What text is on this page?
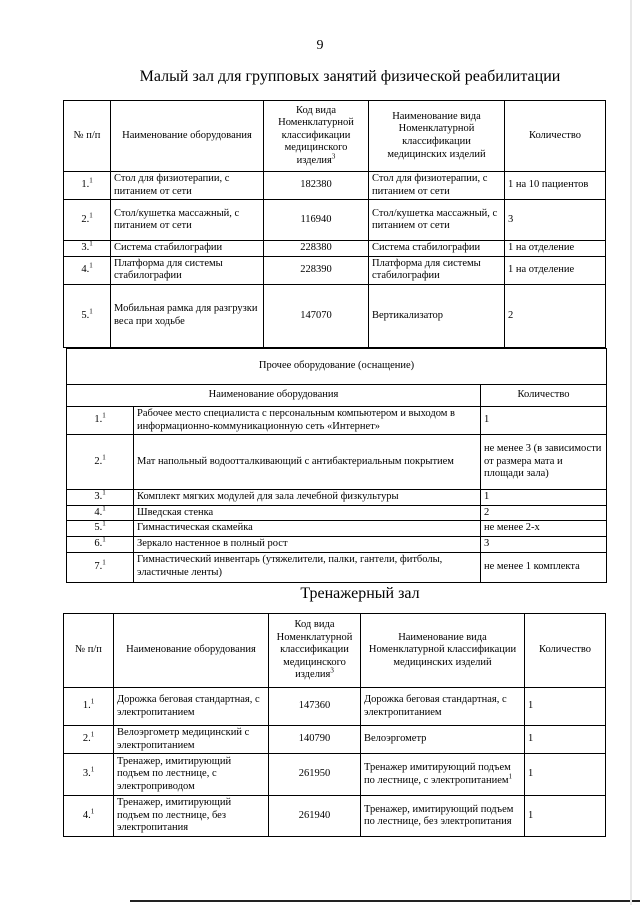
9
Малый зал для групповых занятий физической реабилитации
№ п/п	Наименование оборудования	Код вида Номенклатурной классификации медицинского изделия$^3$	Наименование вида Номенклатурной классификации медицинских изделий	Количество
1.$^1$	Стол для физиотерапии, с питанием от сети	182380	Стол для физиотерапии, с питанием от сети	1 на 10 пациентов
2.$^1$	Стол/кушетка массажный, с питанием от сети	116940	Стол/кушетка массажный, с питанием от сети	3
3.$^1$	Система стабилографии	228380	Система стабилографии	1 на отделение
4.$^1$	Платформа для системы стабилографии	228390	Платформа для системы стабилографии	1 на отделение
5.$^1$	Мобильная рамка для разгрузки веса при ходьбе	147070	Вертикализатор	2
Прочее оборудование (оснащение)		
Наименование оборудования		Количество
1.$^1$	Рабочее место специалиста с персональным компьютером и выходом в информационно-коммуникационную сеть «Интернет»	1
2.$^1$	Мат напольный водоотталкивающий с антибактериальным покрытием	не менее 3 (в зависимости от размера мата и площади зала)
3.$^1$	Комплект мягких модулей для зала лечебной физкультуры	1
4.$^1$	Шведская стенка	2
5.$^1$	Гимнастическая скамейка	не менее 2-х
6.$^1$	Зеркало настенное в полный рост	3
7.$^1$	Гимнастический инвентарь (утяжелители, палки, гантели, фитболы, эластичные ленты)	не менее 1 комплекта
Тренажерный зал
№ п/п	Наименование оборудования	Код вида Номенклатурной классификации медицинского изделия$^3$	Наименование вида Номенклатурной классификации медицинских изделий	Количество
1.$^1$	Дорожка беговая стандартная, с электропитанием	147360	Дорожка беговая стандартная, с электропитанием	1
2.$^1$	Велоэргометр медицинский с электропитанием	140790	Велоэргометр	1
3.$^1$	Тренажер, имитирующий подъем по лестнице, с электроприводом	261950	Тренажер имитирующий подъем по лестнице, с электропитанием$^1$	1
4.$^1$	Тренажер, имитирующий подъем по лестнице, без электропитания	261940	Тренажер, имитирующий подъем по лестнице, без электропитания	1
